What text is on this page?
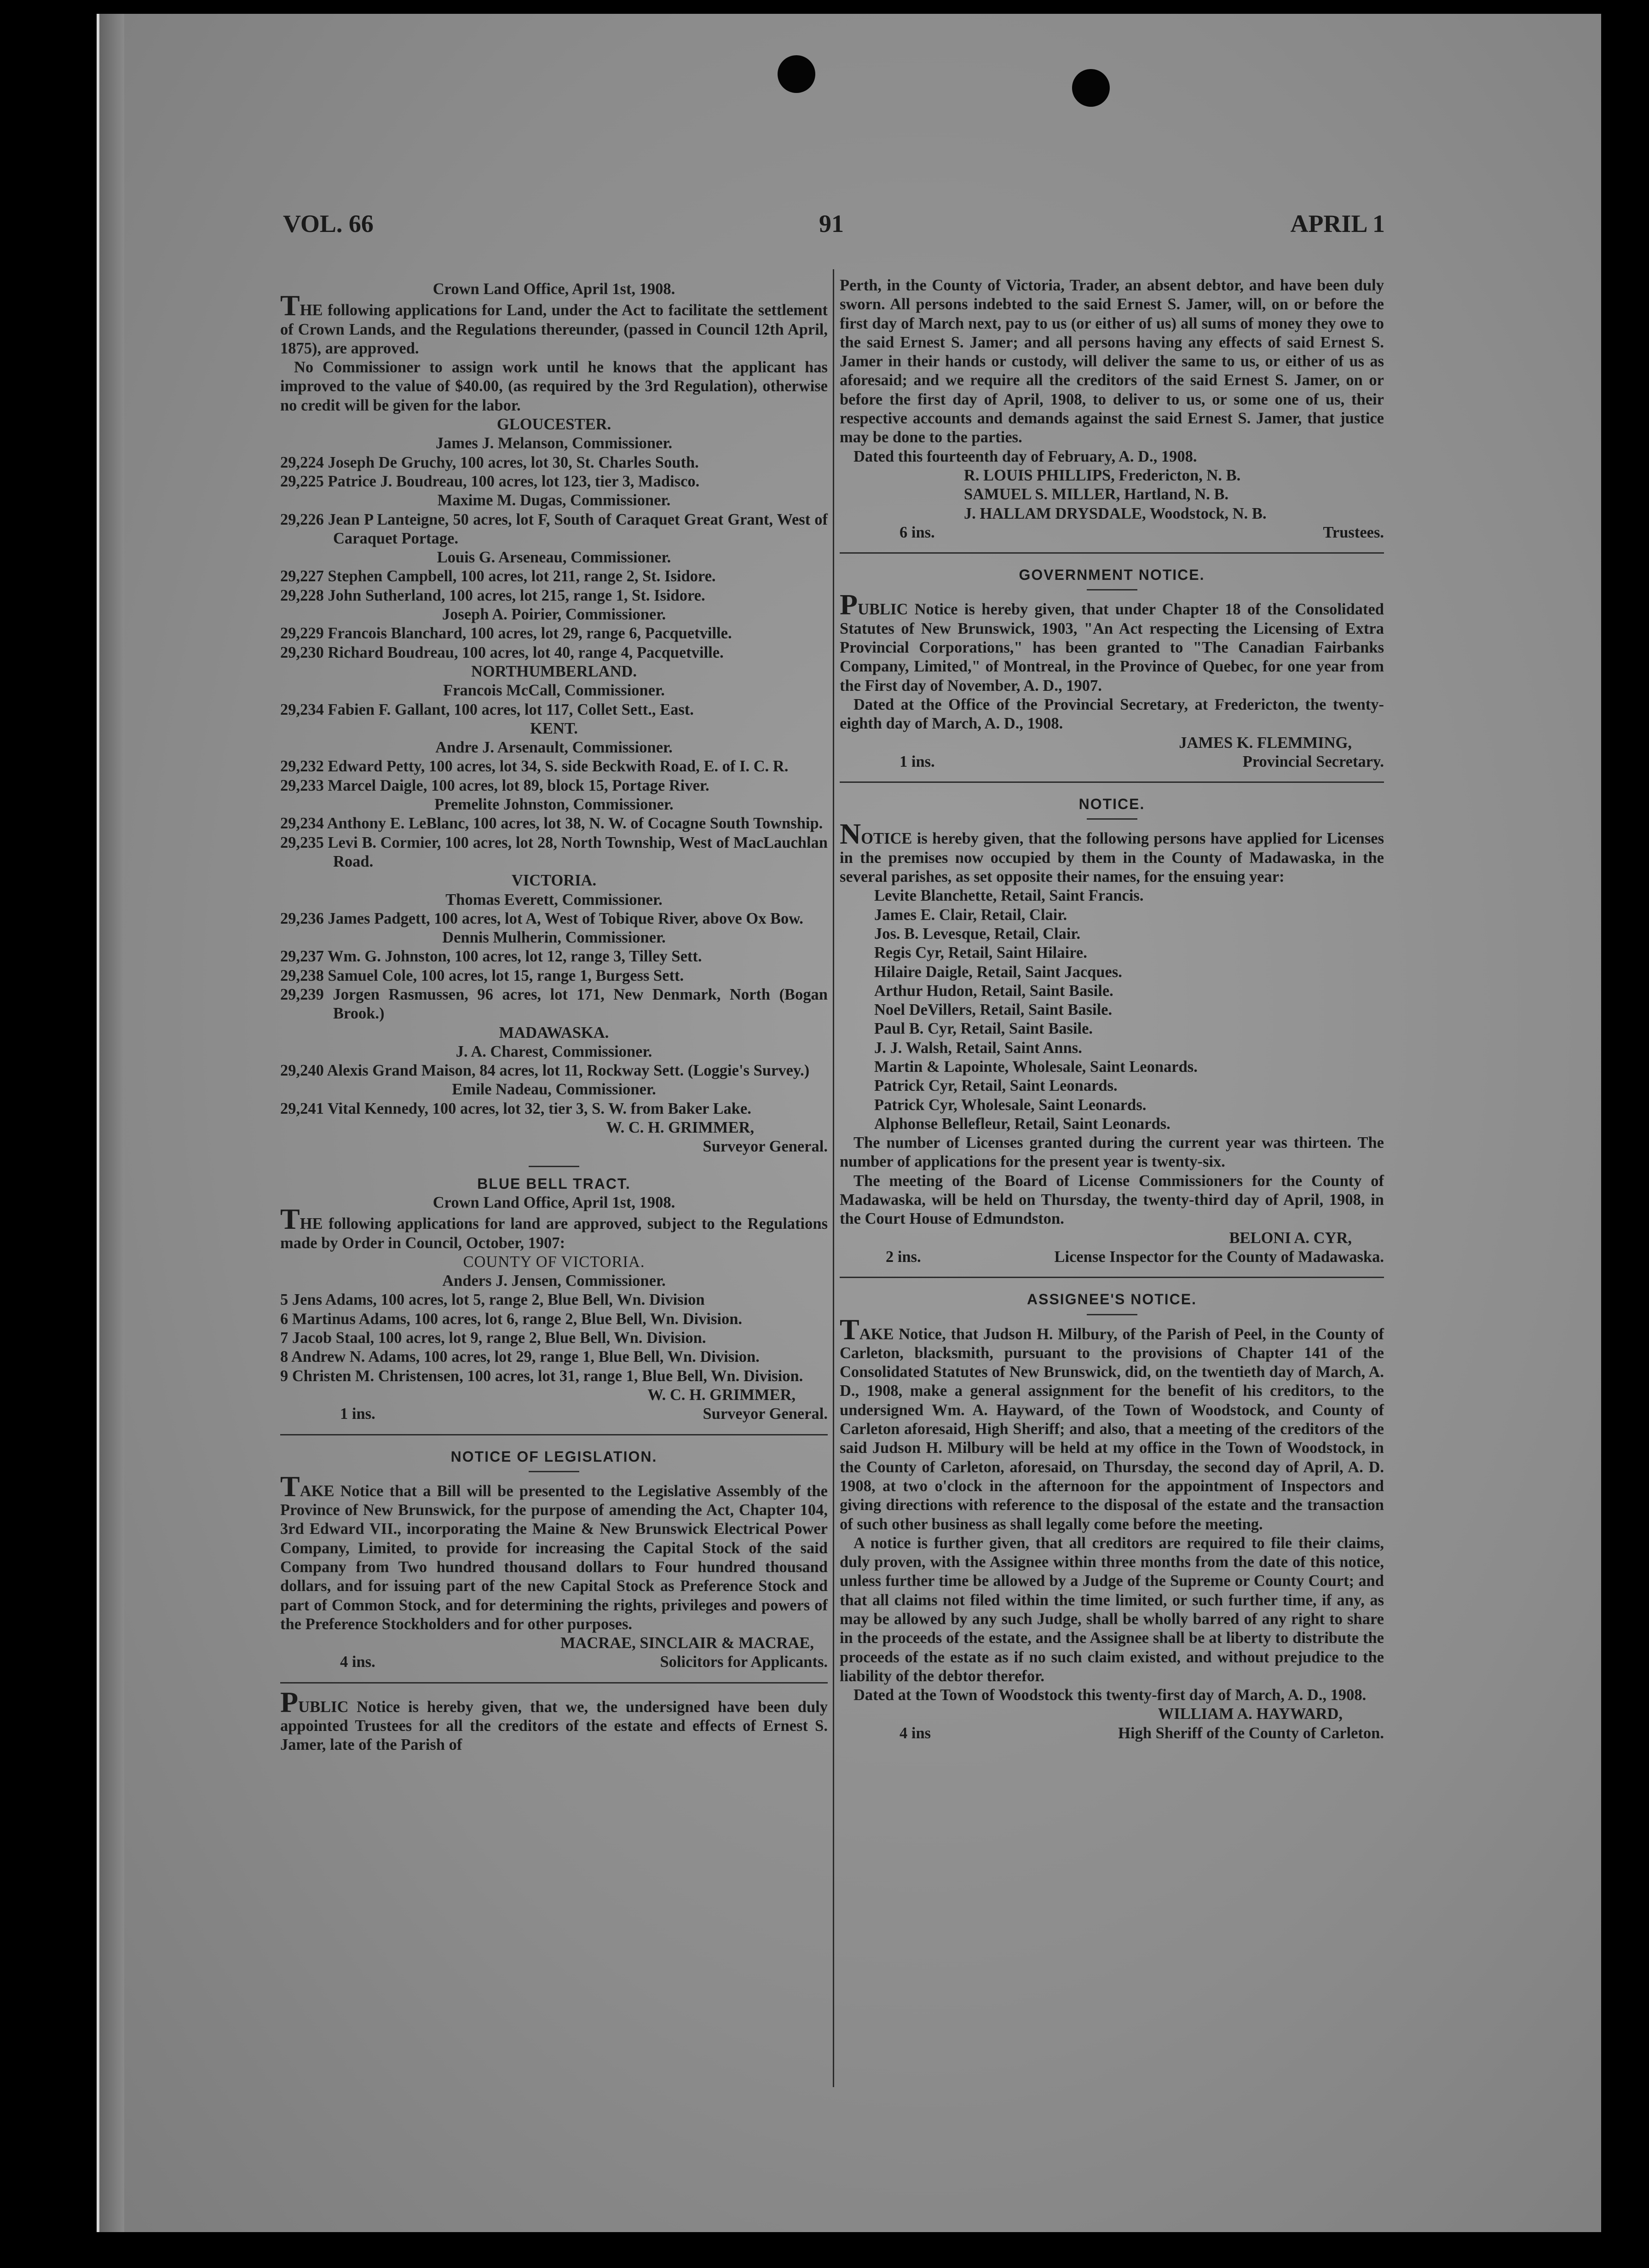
VOL. 66	91	APRIL 1

Crown Land Office, April 1st, 1908.

THE following applications for Land, under the Act to facilitate the settlement of Crown Lands, and the Regulations thereunder, (passed in Council 12th April, 1875), are approved.

No Commissioner to assign work until he knows that the applicant has improved to the value of $40.00, (as required by the 3rd Regulation), otherwise no credit will be given for the labor.

GLOUCESTER.

James J. Melanson, Commissioner.

29,224 Joseph De Gruchy, 100 acres, lot 30, St. Charles South.

29,225 Patrice J. Boudreau, 100 acres, lot 123, tier 3, Madisco.

Maxime M. Dugas, Commissioner.

29,226 Jean P Lanteigne, 50 acres, lot F, South of Caraquet Great Grant, West of Caraquet Portage.

Louis G. Arseneau, Commissioner.

29,227 Stephen Campbell, 100 acres, lot 211, range 2, St. Isidore.

29,228 John Sutherland, 100 acres, lot 215, range 1, St. Isidore.

Joseph A. Poirier, Commissioner.

29,229 Francois Blanchard, 100 acres, lot 29, range 6, Pacquetville.

29,230 Richard Boudreau, 100 acres, lot 40, range 4, Pacquetville.

NORTHUMBERLAND.

Francois McCall, Commissioner.

29,234 Fabien F. Gallant, 100 acres, lot 117, Collet Sett., East.

KENT.

Andre J. Arsenault, Commissioner.

29,232 Edward Petty, 100 acres, lot 34, S. side Beckwith Road, E. of I. C. R.

29,233 Marcel Daigle, 100 acres, lot 89, block 15, Portage River.

Premelite Johnston, Commissioner.

29,234 Anthony E. LeBlanc, 100 acres, lot 38, N. W. of Cocagne South Township.

29,235 Levi B. Cormier, 100 acres, lot 28, North Township, West of MacLauchlan Road.

VICTORIA.

Thomas Everett, Commissioner.

29,236 James Padgett, 100 acres, lot A, West of Tobique River, above Ox Bow.

Dennis Mulherin, Commissioner.

29,237 Wm. G. Johnston, 100 acres, lot 12, range 3, Tilley Sett.

29,238 Samuel Cole, 100 acres, lot 15, range 1, Burgess Sett.

29,239 Jorgen Rasmussen, 96 acres, lot 171, New Denmark, North (Bogan Brook.)

MADAWASKA.

J. A. Charest, Commissioner.

29,240 Alexis Grand Maison, 84 acres, lot 11, Rockway Sett. (Loggie's Survey.)

Emile Nadeau, Commissioner.

29,241 Vital Kennedy, 100 acres, lot 32, tier 3, S. W. from Baker Lake.

W. C. H. GRIMMER,

Surveyor General.

BLUE BELL TRACT.

Crown Land Office, April 1st, 1908.

THE following applications for land are approved, subject to the Regulations made by Order in Council, October, 1907:

COUNTY OF VICTORIA.

Anders J. Jensen, Commissioner.

5 Jens Adams, 100 acres, lot 5, range 2, Blue Bell, Wn. Division

6 Martinus Adams, 100 acres, lot 6, range 2, Blue Bell, Wn. Division.

7 Jacob Staal, 100 acres, lot 9, range 2, Blue Bell, Wn. Division.

8 Andrew N. Adams, 100 acres, lot 29, range 1, Blue Bell, Wn. Division.

9 Christen M. Christensen, 100 acres, lot 31, range 1, Blue Bell, Wn. Division.

W. C. H. GRIMMER,

1 ins.	Surveyor General.

NOTICE OF LEGISLATION.

TAKE Notice that a Bill will be presented to the Legislative Assembly of the Province of New Brunswick, for the purpose of amending the Act, Chapter 104, 3rd Edward VII., incorporating the Maine & New Brunswick Electrical Power Company, Limited, to provide for increasing the Capital Stock of the said Company from Two hundred thousand dollars to Four hundred thousand dollars, and for issuing part of the new Capital Stock as Preference Stock and part of Common Stock, and for determining the rights, privileges and powers of the Preference Stockholders and for other purposes.

MACRAE, SINCLAIR & MACRAE,

4 ins.	Solicitors for Applicants.

PUBLIC Notice is hereby given, that we, the undersigned have been duly appointed Trustees for all the creditors of the estate and effects of Ernest S. Jamer, late of the Parish of

Perth, in the County of Victoria, Trader, an absent debtor, and have been duly sworn. All persons indebted to the said Ernest S. Jamer, will, on or before the first day of March next, pay to us (or either of us) all sums of money they owe to the said Ernest S. Jamer; and all persons having any effects of said Ernest S. Jamer in their hands or custody, will deliver the same to us, or either of us as aforesaid; and we require all the creditors of the said Ernest S. Jamer, on or before the first day of April, 1908, to deliver to us, or some one of us, their respective accounts and demands against the said Ernest S. Jamer, that justice may be done to the parties.

Dated this fourteenth day of February, A. D., 1908.

R. LOUIS PHILLIPS, Fredericton, N. B.

SAMUEL S. MILLER, Hartland, N. B.

J. HALLAM DRYSDALE, Woodstock, N. B.

6 ins.	Trustees.

GOVERNMENT NOTICE.

PUBLIC Notice is hereby given, that under Chapter 18 of the Consolidated Statutes of New Brunswick, 1903, "An Act respecting the Licensing of Extra Provincial Corporations," has been granted to "The Canadian Fairbanks Company, Limited," of Montreal, in the Province of Quebec, for one year from the First day of November, A. D., 1907.

Dated at the Office of the Provincial Secretary, at Fredericton, the twenty-eighth day of March, A. D., 1908.

JAMES K. FLEMMING,

1 ins.	Provincial Secretary.

NOTICE.

NOTICE is hereby given, that the following persons have applied for Licenses in the premises now occupied by them in the County of Madawaska, in the several parishes, as set opposite their names, for the ensuing year:

Levite Blanchette, Retail, Saint Francis.

James E. Clair, Retail, Clair.

Jos. B. Levesque, Retail, Clair.

Regis Cyr, Retail, Saint Hilaire.

Hilaire Daigle, Retail, Saint Jacques.

Arthur Hudon, Retail, Saint Basile.

Noel DeVillers, Retail, Saint Basile.

Paul B. Cyr, Retail, Saint Basile.

J. J. Walsh, Retail, Saint Anns.

Martin & Lapointe, Wholesale, Saint Leonards.

Patrick Cyr, Retail, Saint Leonards.

Patrick Cyr, Wholesale, Saint Leonards.

Alphonse Bellefleur, Retail, Saint Leonards.

The number of Licenses granted during the current year was thirteen. The number of applications for the present year is twenty-six.

The meeting of the Board of License Commissioners for the County of Madawaska, will be held on Thursday, the twenty-third day of April, 1908, in the Court House of Edmundston.

BELONI A. CYR,

2 ins.	License Inspector for the County of Madawaska.

ASSIGNEE'S NOTICE.

TAKE Notice, that Judson H. Milbury, of the Parish of Peel, in the County of Carleton, blacksmith, pursuant to the provisions of Chapter 141 of the Consolidated Statutes of New Brunswick, did, on the twentieth day of March, A. D., 1908, make a general assignment for the benefit of his creditors, to the undersigned Wm. A. Hayward, of the Town of Woodstock, and County of Carleton aforesaid, High Sheriff; and also, that a meeting of the creditors of the said Judson H. Milbury will be held at my office in the Town of Woodstock, in the County of Carleton, aforesaid, on Thursday, the second day of April, A. D. 1908, at two o'clock in the afternoon for the appointment of Inspectors and giving directions with reference to the disposal of the estate and the transaction of such other business as shall legally come before the meeting.

A notice is further given, that all creditors are required to file their claims, duly proven, with the Assignee within three months from the date of this notice, unless further time be allowed by a Judge of the Supreme or County Court; and that all claims not filed within the time limited, or such further time, if any, as may be allowed by any such Judge, shall be wholly barred of any right to share in the proceeds of the estate, and the Assignee shall be at liberty to distribute the proceeds of the estate as if no such claim existed, and without prejudice to the liability of the debtor therefor.

Dated at the Town of Woodstock this twenty-first day of March, A. D., 1908.

WILLIAM A. HAYWARD,

4 ins	High Sheriff of the County of Carleton.
